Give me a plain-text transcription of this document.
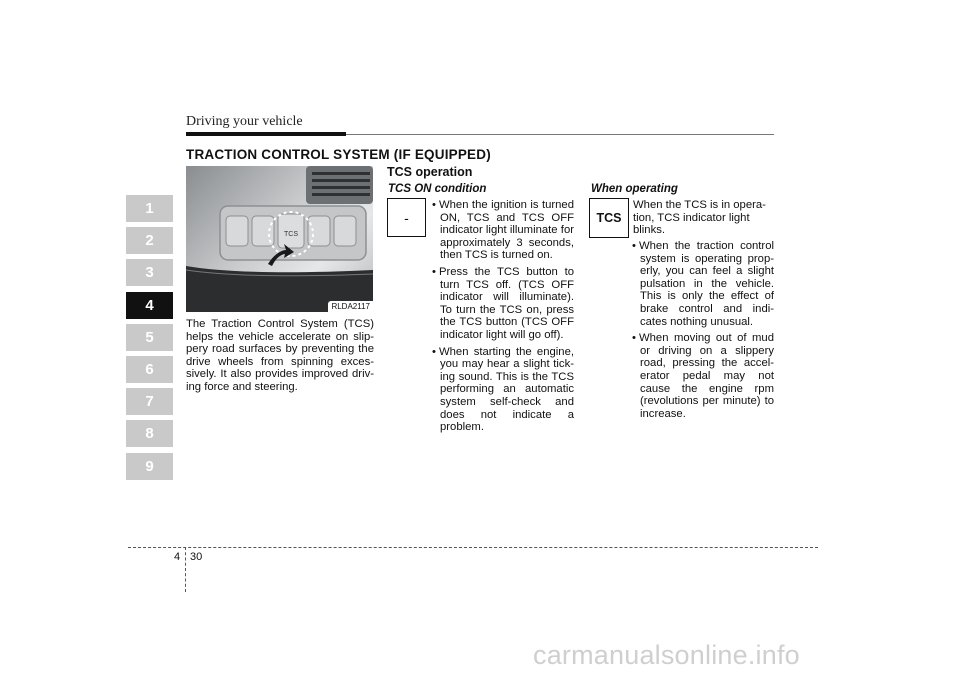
Driving your vehicle
TRACTION CONTROL SYSTEM (IF EQUIPPED)
1
2
3
4
5
6
7
8
9
TCS
RLDA2117
The Traction Control System (TCS) helps the vehicle accelerate on slip-pery road surfaces by preventing the drive wheels from spinning exces-sively. It also provides improved driv-ing force and steering.
TCS operation
TCS ON condition
-
• When the ignition is turned ON, TCS and TCS OFF indicator light illuminate for approximately 3 seconds, then TCS is turned on.
• Press the TCS button to turn TCS off. (TCS OFF indicator will illuminate). To turn the TCS on, press the TCS button (TCS OFF indicator light will go off).
• When starting the engine, you may hear a slight tick-ing sound. This is the TCS performing an automatic system self-check and does not indicate a problem.
When operating
TCS
When the TCS is in opera-tion, TCS indicator light blinks.
• When the traction control system is operating prop-erly, you can feel a slight pulsation in the vehicle. This is only the effect of brake control and indi-cates nothing unusual.
• When moving out of mud or driving on a slippery road, pressing the accel-erator pedal may not cause the engine rpm (revolutions per minute) to increase.
4 30
carmanualsonline.info
